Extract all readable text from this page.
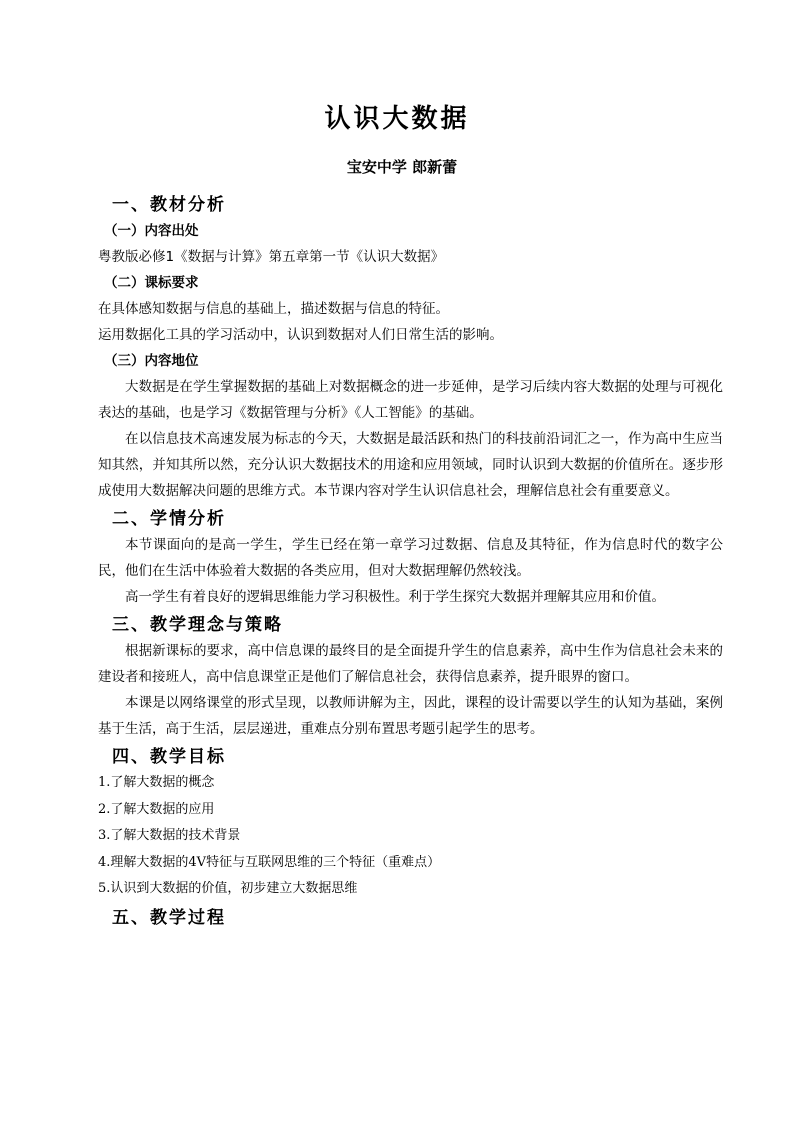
认识大数据
宝安中学 郎新蕾
一、教材分析
（一）内容出处
粤教版必修1《数据与计算》第五章第一节《认识大数据》
（二）课标要求
在具体感知数据与信息的基础上，描述数据与信息的特征。
运用数据化工具的学习活动中，认识到数据对人们日常生活的影响。
（三）内容地位
大数据是在学生掌握数据的基础上对数据概念的进一步延伸，是学习后续内容大数据的处理与可视化表达的基础，也是学习《数据管理与分析》《人工智能》的基础。
在以信息技术高速发展为标志的今天，大数据是最活跃和热门的科技前沿词汇之一，作为高中生应当知其然，并知其所以然，充分认识大数据技术的用途和应用领域，同时认识到大数据的价值所在。逐步形成使用大数据解决问题的思维方式。本节课内容对学生认识信息社会，理解信息社会有重要意义。
二、学情分析
本节课面向的是高一学生，学生已经在第一章学习过数据、信息及其特征，作为信息时代的数字公民，他们在生活中体验着大数据的各类应用，但对大数据理解仍然较浅。
高一学生有着良好的逻辑思维能力学习积极性。利于学生探究大数据并理解其应用和价值。
三、教学理念与策略
根据新课标的要求，高中信息课的最终目的是全面提升学生的信息素养，高中生作为信息社会未来的建设者和接班人，高中信息课堂正是他们了解信息社会，获得信息素养，提升眼界的窗口。
本课是以网络课堂的形式呈现，以教师讲解为主，因此，课程的设计需要以学生的认知为基础，案例基于生活，高于生活，层层递进，重难点分别布置思考题引起学生的思考。
四、教学目标
1.了解大数据的概念
2.了解大数据的应用
3.了解大数据的技术背景
4.理解大数据的4V特征与互联网思维的三个特征（重难点）
5.认识到大数据的价值，初步建立大数据思维
五、教学过程
